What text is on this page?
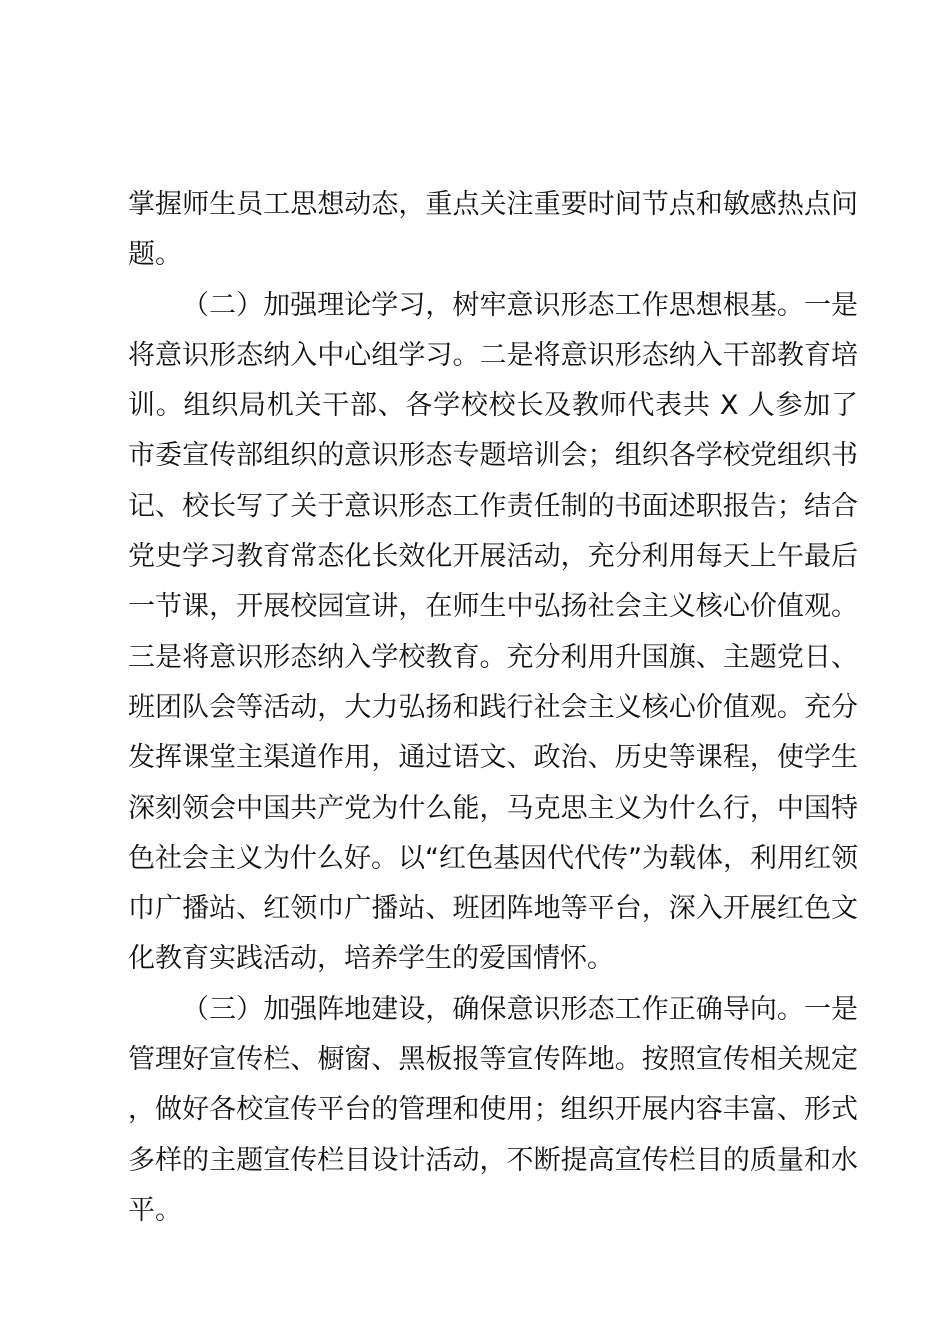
掌握师生员工思想动态，重点关注重要时间节点和敏感热点问题。

（二）加强理论学习，树牢意识形态工作思想根基。一是将意识形态纳入中心组学习。二是将意识形态纳入干部教育培训。组织局机关干部、各学校校长及教师代表共 X 人参加了市委宣传部组织的意识形态专题培训会；组织各学校党组织书记、校长写了关于意识形态工作责任制的书面述职报告；结合党史学习教育常态化长效化开展活动，充分利用每天上午最后一节课，开展校园宣讲，在师生中弘扬社会主义核心价值观。三是将意识形态纳入学校教育。充分利用升国旗、主题党日、班团队会等活动，大力弘扬和践行社会主义核心价值观。充分发挥课堂主渠道作用，通过语文、政治、历史等课程，使学生深刻领会中国共产党为什么能，马克思主义为什么行，中国特色社会主义为什么好。以“红色基因代代传”为载体，利用红领巾广播站、红领巾广播站、班团阵地等平台，深入开展红色文化教育实践活动，培养学生的爱国情怀。

（三）加强阵地建设，确保意识形态工作正确导向。一是管理好宣传栏、橱窗、黑板报等宣传阵地。按照宣传相关规定，做好各校宣传平台的管理和使用；组织开展内容丰富、形式多样的主题宣传栏目设计活动，不断提高宣传栏目的质量和水平。
